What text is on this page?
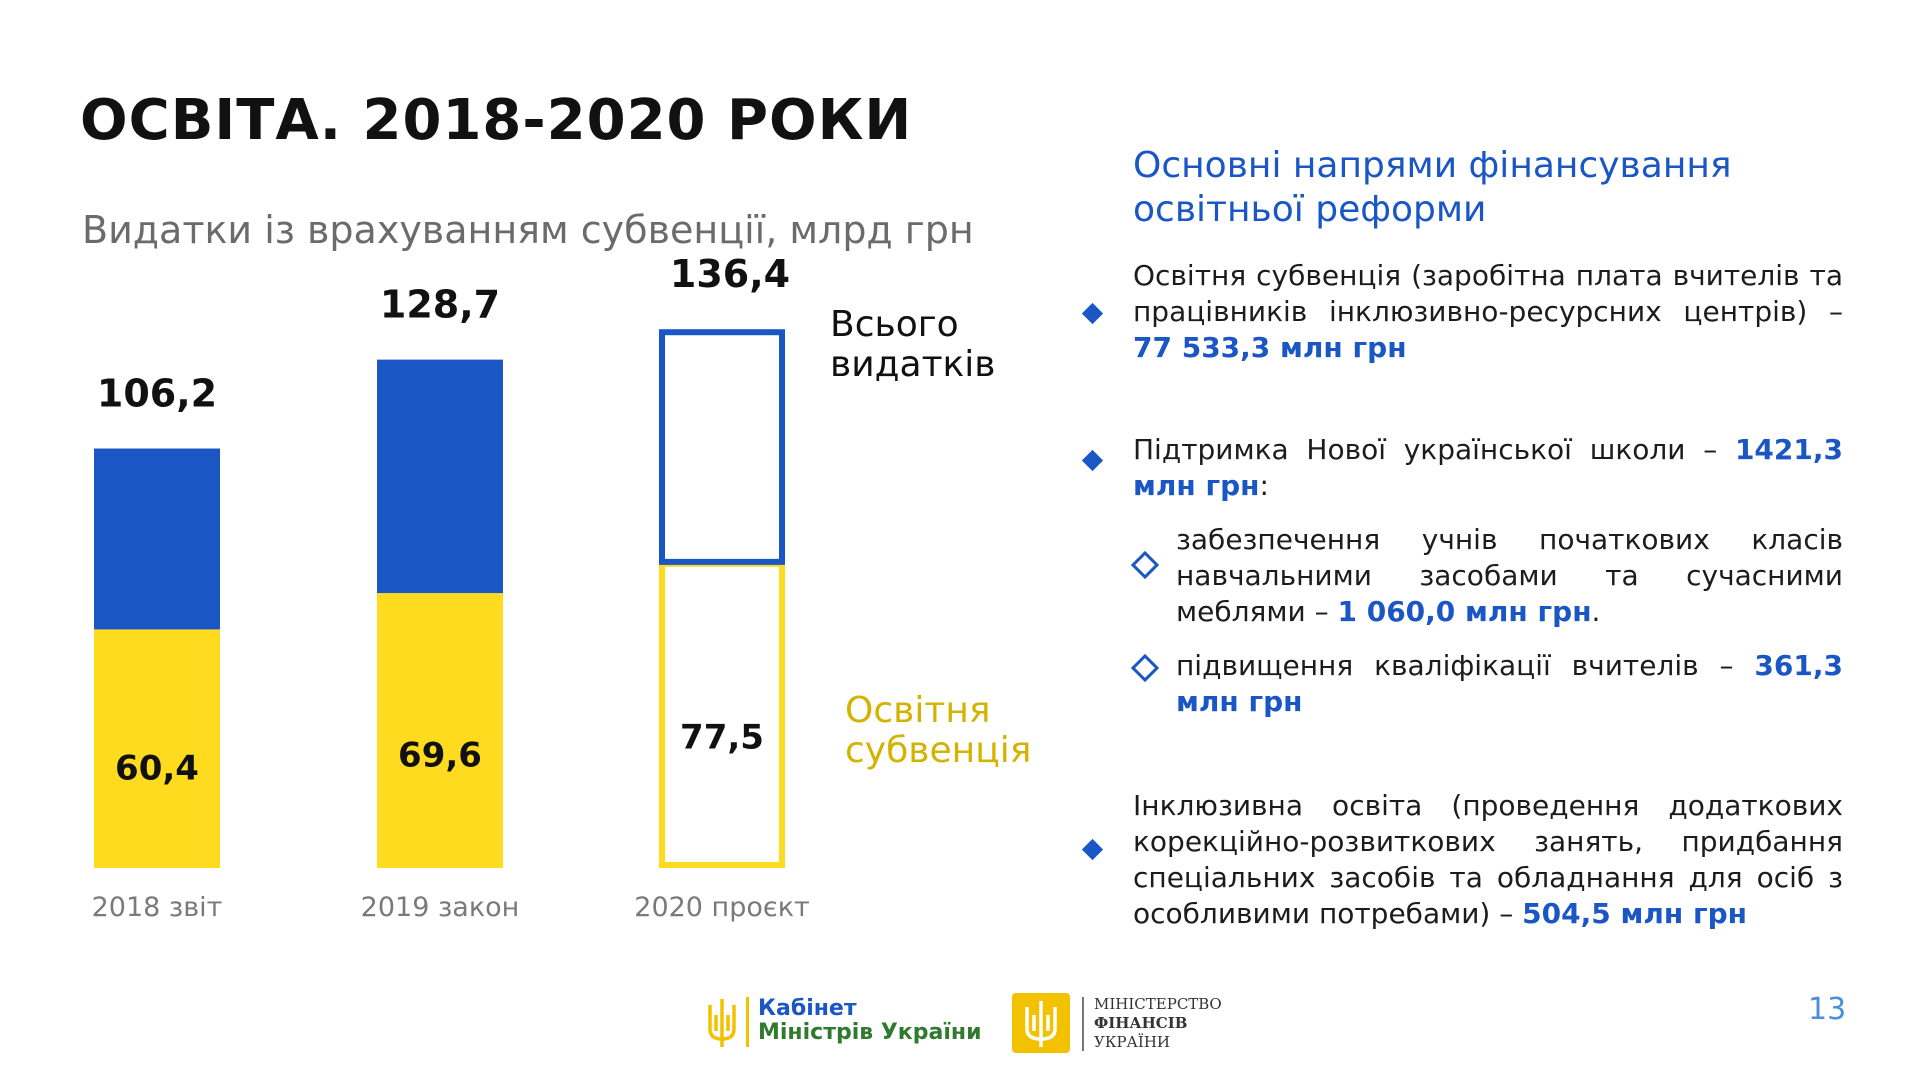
ОСВІТА. 2018-2020 РОКИ
Видатки із врахуванням субвенції, млрд грн
106,2
60,4
2018 звіт
128,7
69,6
2019 закон
136,4
77,5
2020 проєкт
Всього
видатків
Освітня
субвенція
Основні напрями фінансування
освітньої реформи
Освітня субвенція (заробітна плата вчителів та працівників інклюзивно-ресурсних центрів) – 77 533,3 млн грн
Підтримка Нової української школи – 1421,3 млн грн:
забезпечення учнів початкових класів навчальними засобами та сучасними меблями – 1 060,0 млн грн.
підвищення кваліфікації вчителів – 361,3 млн грн
Інклюзивна освіта (проведення додаткових корекційно-розвиткових занять, придбання спеціальних засобів та обладнання для осіб з особливими потребами) – 504,5 млн грн
Кабінет
Міністрів України
МІНІСТЕРСТВО
ФІНАНСІВ
УКРАЇНИ
13
